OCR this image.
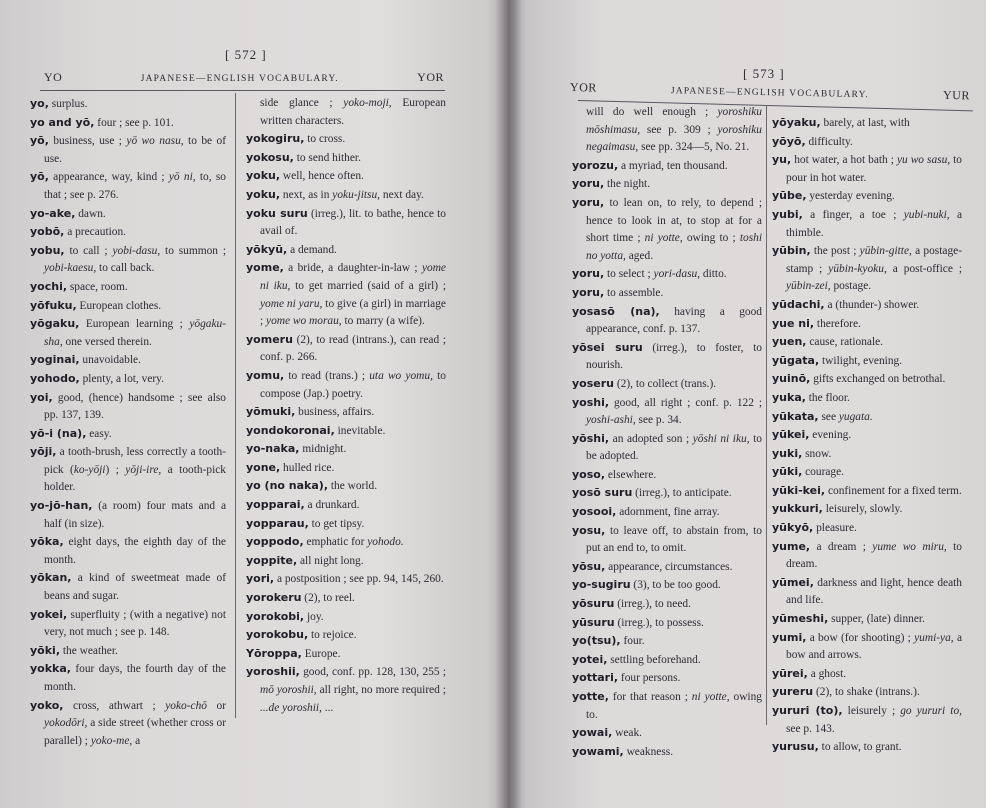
[ 572 ]
YO	JAPANESE—ENGLISH VOCABULARY.	YOR
yo, surplus.
yo and yō, four ; see p. 101.
yō, business, use ; yō wo nasu, to be of use.
yō, appearance, way, kind ; yō ni, to, so that ; see p. 276.
yo-ake, dawn.
yobō, a precaution.
yobu, to call ; yobi-dasu, to summon ; yobi-kaesu, to call back.
yochi, space, room.
yōfuku, European clothes.
yōgaku, European learning ; yōgaku-sha, one versed therein.
yoginai, unavoidable.
yohodo, plenty, a lot, very.
yoi, good, (hence) handsome ; see also pp. 137, 139.
yō-i (na), easy.
yōji, a tooth-brush, less correctly a tooth-pick (ko-yōji) ; yōji-ire, a tooth-pick holder.
yo-jō-han, (a room) four mats and a half (in size).
yōka, eight days, the eighth day of the month.
yōkan, a kind of sweetmeat made of beans and sugar.
yokei, superfluity ; (with a negative) not very, not much ; see p. 148.
yōki, the weather.
yokka, four days, the fourth day of the month.
yoko, cross, athwart ; yoko-chō or yokodōri, a side street (whether cross or parallel) ; yoko-me, a
side glance ; yoko-moji, European written characters.
yokogiru, to cross.
yokosu, to send hither.
yoku, well, hence often.
yoku, next, as in yoku-jitsu, next day.
yoku suru (irreg.), lit. to bathe, hence to avail of.
yōkyū, a demand.
yome, a bride, a daughter-in-law ; yome ni iku, to get married (said of a girl) ; yome ni yaru, to give (a girl) in marriage ; yome wo morau, to marry (a wife).
yomeru (2), to read (intrans.), can read ; conf. p. 266.
yomu, to read (trans.) ; uta wo yomu, to compose (Jap.) poetry.
yōmuki, business, affairs.
yondokoronai, inevitable.
yo-naka, midnight.
yone, hulled rice.
yo (no naka), the world.
yopparai, a drunkard.
yopparau, to get tipsy.
yoppodo, emphatic for yohodo.
yoppite, all night long.
yori, a postposition ; see pp. 94, 145, 260.
yorokeru (2), to reel.
yorokobi, joy.
yorokobu, to rejoice.
Yōroppa, Europe.
yoroshii, good, conf. pp. 128, 130, 255 ; mō yoroshii, all right, no more required ; ...de yoroshii, ...
[ 573 ]
YOR	JAPANESE—ENGLISH VOCABULARY.	YUR
will do well enough ; yoroshiku mōshimasu, see p. 309 ; yoroshiku negaimasu, see pp. 324—5, No. 21.
yorozu, a myriad, ten thousand.
yoru, the night.
yoru, to lean on, to rely, to depend ; hence to look in at, to stop at for a short time ; ni yotte, owing to ; toshi no yotta, aged.
yoru, to select ; yori-dasu, ditto.
yoru, to assemble.
yosasō (na), having a good appearance, conf. p. 137.
yōsei suru (irreg.), to foster, to nourish.
yoseru (2), to collect (trans.).
yoshi, good, all right ; conf. p. 122 ; yoshi-ashi, see p. 34.
yōshi, an adopted son ; yōshi ni iku, to be adopted.
yoso, elsewhere.
yosō suru (irreg.), to anticipate.
yosooi, adornment, fine array.
yosu, to leave off, to abstain from, to put an end to, to omit.
yōsu, appearance, circumstances.
yo-sugiru (3), to be too good.
yōsuru (irreg.), to need.
yūsuru (irreg.), to possess.
yo(tsu), four.
yotei, settling beforehand.
yottari, four persons.
yotte, for that reason ; ni yotte, owing to.
yowai, weak.
yowami, weakness.
yōyaku, barely, at last, with
yōyō, difficulty.
yu, hot water, a hot bath ; yu wo sasu, to pour in hot water.
yūbe, yesterday evening.
yubi, a finger, a toe ; yubi-nuki, a thimble.
yūbin, the post ; yūbin-gitte, a postage-stamp ; yūbin-kyoku, a post-office ; yūbin-zei, postage.
yūdachi, a (thunder-) shower.
yue ni, therefore.
yuen, cause, rationale.
yūgata, twilight, evening.
yuinō, gifts exchanged on betrothal.
yuka, the floor.
yūkata, see yugata.
yūkei, evening.
yuki, snow.
yūki, courage.
yūki-kei, confinement for a fixed term.
yukkuri, leisurely, slowly.
yūkyō, pleasure.
yume, a dream ; yume wo miru, to dream.
yūmei, darkness and light, hence death and life.
yūmeshi, supper, (late) dinner.
yumi, a bow (for shooting) ; yumi-ya, a bow and arrows.
yūrei, a ghost.
yureru (2), to shake (intrans.).
yururi (to), leisurely ; go yururi to, see p. 143.
yurusu, to allow, to grant.
